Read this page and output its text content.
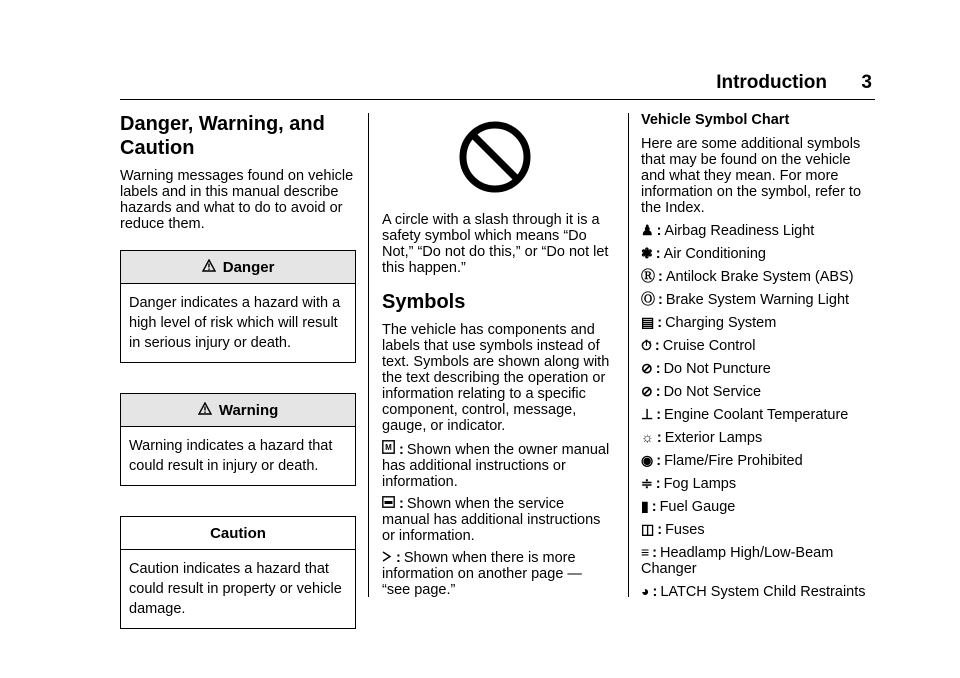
Introduction 3
Danger, Warning, and Caution

Warning messages found on vehicle labels and in this manual describe hazards and what to do to avoid or reduce them.

Danger
Danger indicates a hazard with a high level of risk which will result in serious injury or death.
Warning
Warning indicates a hazard that could result in injury or death.
Caution
Caution indicates a hazard that could result in property or vehicle damage.

A circle with a slash through it is a safety symbol which means “Do Not,” “Do not do this,” or “Do not let this happen.”

Symbols

The vehicle has components and labels that use symbols instead of text. Symbols are shown along with the text describing the operation or information relating to a specific component, control, message, gauge, or indicator.

M : Shown when the owner manual has additional instructions or information.

: Shown when the service manual has additional instructions or information.

: Shown when there is more information on another page — “see page.”

Vehicle Symbol Chart

Here are some additional symbols that may be found on the vehicle and what they mean. For more information on the symbol, refer to the Index.

♟ : Airbag Readiness Light
❃ : Air Conditioning
Ⓡ : Antilock Brake System (ABS)
Ⓞ : Brake System Warning Light
▤ : Charging System
⏱ : Cruise Control
⊘ : Do Not Puncture
⊘ : Do Not Service
⊥ : Engine Coolant Temperature
☼ : Exterior Lamps
◉ : Flame/Fire Prohibited
≑ : Fog Lamps
▮ : Fuel Gauge
◫ : Fuses
≡ : Headlamp High/Low-Beam Changer
◕ : LATCH System Child Restraints
